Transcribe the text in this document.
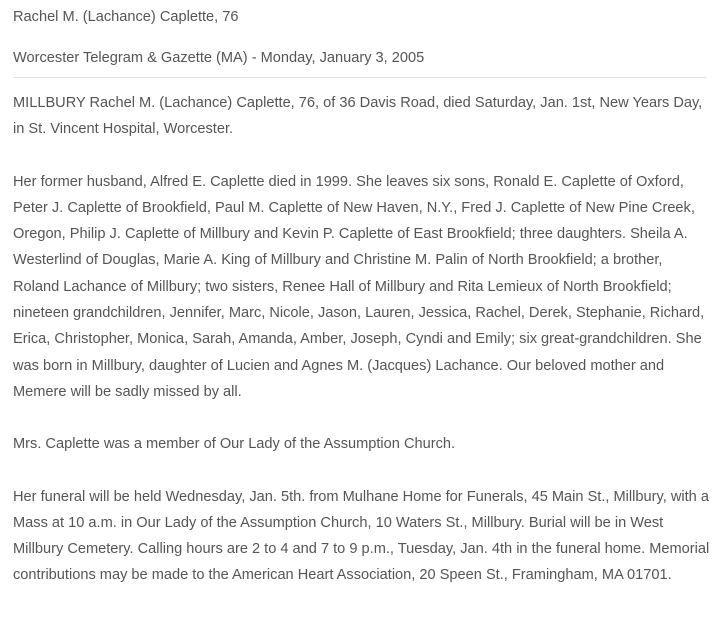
Rachel M. (Lachance) Caplette, 76
Worcester Telegram & Gazette (MA) - Monday, January 3, 2005

MILLBURY Rachel M. (Lachance) Caplette, 76, of 36 Davis Road, died Saturday, Jan. 1st, New Years Day, in St. Vincent Hospital, Worcester.

Her former husband, Alfred E. Caplette died in 1999. She leaves six sons, Ronald E. Caplette of Oxford, Peter J. Caplette of Brookfield, Paul M. Caplette of New Haven, N.Y., Fred J. Caplette of New Pine Creek, Oregon, Philip J. Caplette of Millbury and Kevin P. Caplette of East Brookfield; three daughters. Sheila A. Westerlind of Douglas, Marie A. King of Millbury and Christine M. Palin of North Brookfield; a brother, Roland Lachance of Millbury; two sisters, Renee Hall of Millbury and Rita Lemieux of North Brookfield; nineteen grandchildren, Jennifer, Marc, Nicole, Jason, Lauren, Jessica, Rachel, Derek, Stephanie, Richard, Erica, Christopher, Monica, Sarah, Amanda, Amber, Joseph, Cyndi and Emily; six great-grandchildren. She was born in Millbury, daughter of Lucien and Agnes M. (Jacques) Lachance. Our beloved mother and Memere will be sadly missed by all.

Mrs. Caplette was a member of Our Lady of the Assumption Church.

Her funeral will be held Wednesday, Jan. 5th. from Mulhane Home for Funerals, 45 Main St., Millbury, with a Mass at 10 a.m. in Our Lady of the Assumption Church, 10 Waters St., Millbury. Burial will be in West Millbury Cemetery. Calling hours are 2 to 4 and 7 to 9 p.m., Tuesday, Jan. 4th in the funeral home. Memorial contributions may be made to the American Heart Association, 20 Speen St., Framingham, MA 01701.
